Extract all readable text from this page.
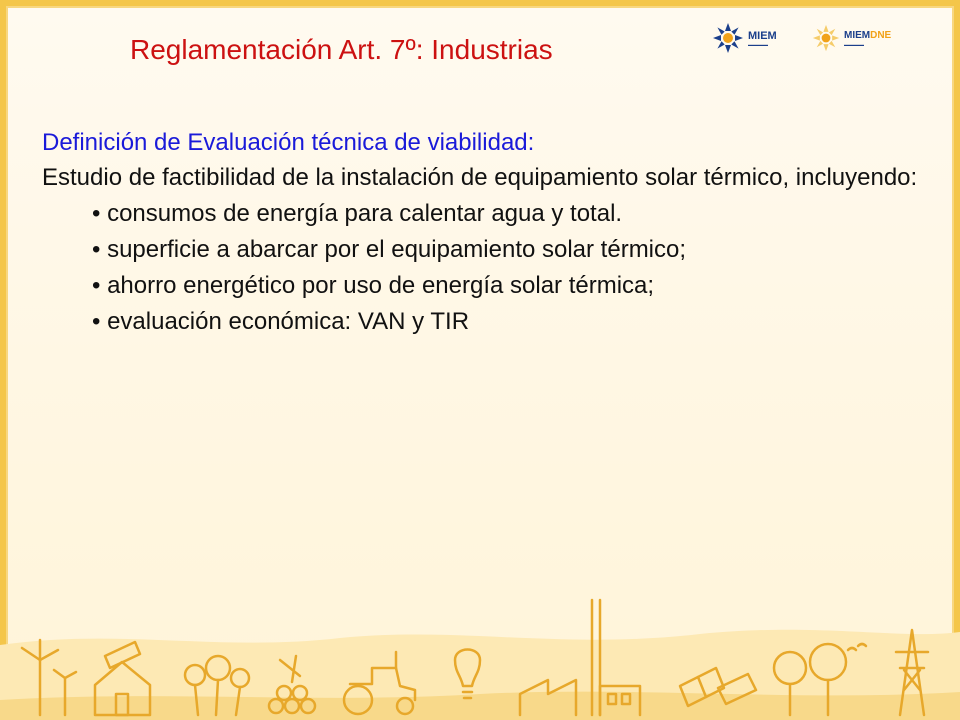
Reglamentación Art. 7º: Industrias	MIEM
▬▬▬▬▬
MIEMDNE
▬▬▬▬▬

Definición de Evaluación técnica de viabilidad:

Estudio de factibilidad de la instalación de equipamiento solar térmico, incluyendo:

• consumos de energía para calentar agua y total.
• superficie a abarcar por el equipamiento solar térmico;
• ahorro energético por uso de energía solar térmica;
• evaluación económica: VAN y TIR
